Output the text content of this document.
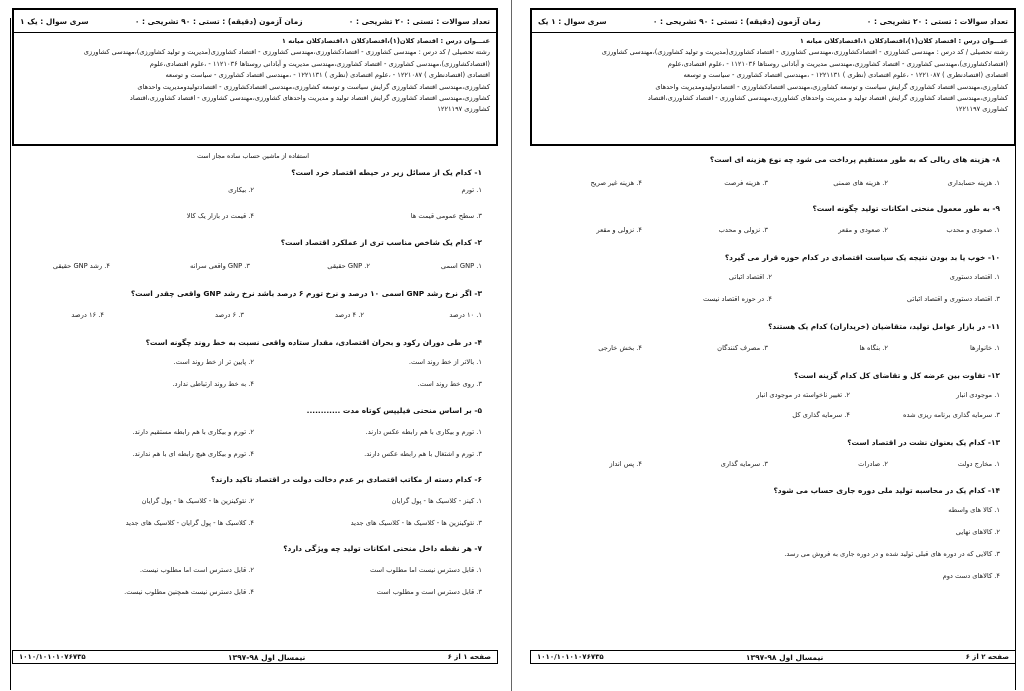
تعداد سوالات : تستی : ۲۰ تشریحی : ۰
زمان آزمون (دقیقه) : تستی : ۹۰ تشریحی : ۰
سری سوال : یک ۱
عنـــوان درس : اقتصاد کلان(۱)،اقتصادکلان ۱،اقتصادکلان میانه ۱
رشته تحصیلی / کد درس : مهندسی کشاورزی - اقتصادکشاورزی،مهندسی کشاورزی - اقتصاد کشاورزی(مدیریت و تولید کشاورزی)،مهندسی کشاورزی
(اقتصادکشاورزی)،مهندسی کشاورزی - اقتصاد کشاورزی،مهندسی مدیریت و آبادانی روستاها ۱۱۲۱۰۳۶ - ،علوم اقتصادی،علوم
اقتصادی (اقتصادنظری ) ۱۲۲۱۰۸۷ - ،علوم اقتصادی (نظری ) ۱۲۲۱۱۳۱ - ،مهندسی اقتصاد کشاورزی - سیاست و توسعه
کشاورزی،مهندسی اقتصاد کشاورزی گرایش سیاست و توسعه کشاورزی،مهندسی اقتصادکشاورزی - اقتصادتولیدومدیریت واحدهای
کشاورزی،مهندسی اقتصاد کشاورزی گرایش اقتصاد تولید و مدیریت واحدهای کشاورزی،مهندسی کشاورزی - اقتصاد کشاورزی،اقتصاد
کشاورزی ۱۲۲۱۱۹۷
استفاده از ماشین حساب ساده مجاز است
۱- کدام یک از مسائل زیر در حیطه اقتصاد خرد است؟
۱. تورم
۲. بیکاری
۳. سطح عمومی قیمت ها
۴. قیمت در بازار یک کالا
۲- کدام یک شاخص مناسب تری از عملکرد اقتصاد است؟
۱. GNP اسمی
۲. GNP حقیقی
۳. GNP واقعی سرانه
۴. رشد GNP حقیقی
۳- اگر نرخ رشد GNP اسمی ۱۰ درصد و نرخ تورم ۶ درصد باشد نرخ رشد GNP واقعی چقدر است؟
۱. ۱۰ درصد
۲. ۴ درصد
۳. ۶ درصد
۴. ۱۶ درصد
۴- در طی دوران رکود و بحران اقتصادی، مقدار ستاده واقعی نسبت به خط روند چگونه است؟
۱. بالاتر از خط روند است.
۲. پایین تر از خط روند است.
۳. روی خط روند است.
۴. به خط روند ارتباطی ندارد.
۵- بر اساس منحنی فیلیپس کوتاه مدت ............
۱. تورم و بیکاری با هم رابطه عکس دارند.
۲. تورم و بیکاری با هم رابطه مستقیم دارند.
۳. تورم و اشتغال با هم رابطه عکس دارند.
۴. تورم و بیکاری هیچ رابطه ای با هم ندارند.
۶- کدام دسته از مکاتب اقتصادی بر عدم دخالت دولت در اقتصاد تاکید دارند؟
۱. کینز - کلاسیک ها - پول گرایان
۲. نئوکینزین ها - کلاسیک ها - پول گرایان
۳. نئوکینزین ها - کلاسیک ها - کلاسیک های جدید
۴. کلاسیک ها - پول گرایان - کلاسیک های جدید
۷- هر نقطه داخل منحنی امکانات تولید چه ویژگی دارد؟
۱. قابل دسترس نیست اما مطلوب است
۲. قابل دسترس است اما مطلوب نیست.
۳. قابل دسترس است و مطلوب است
۴. قابل دسترس نیست همچنین مطلوب نیست.
صفحه ۱ از ۶
نیمسال اول ۹۸-۱۳۹۷
۱۰۱۰/۱۰۱۰۱۰۷۶۷۳۵
تعداد سوالات : تستی : ۲۰ تشریحی : ۰
زمان آزمون (دقیقه) : تستی : ۹۰ تشریحی : ۰
سری سوال : ۱ یک
عنـــوان درس : اقتصاد کلان(۱)،اقتصادکلان ۱،اقتصادکلان میانه ۱
رشته تحصیلی / کد درس : مهندسی کشاورزی - اقتصادکشاورزی،مهندسی کشاورزی - اقتصاد کشاورزی(مدیریت و تولید کشاورزی)،مهندسی کشاورزی
(اقتصادکشاورزی)،مهندسی کشاورزی - اقتصاد کشاورزی،مهندسی مدیریت و آبادانی روستاها ۱۱۲۱۰۳۶ - ،علوم اقتصادی،علوم
اقتصادی (اقتصادنظری ) ۱۲۲۱۰۸۷ - ،علوم اقتصادی (نظری ) ۱۲۲۱۱۳۱ - ،مهندسی اقتصاد کشاورزی - سیاست و توسعه
کشاورزی،مهندسی اقتصاد کشاورزی گرایش سیاست و توسعه کشاورزی،مهندسی اقتصادکشاورزی - اقتصادتولیدومدیریت واحدهای
کشاورزی،مهندسی اقتصاد کشاورزی گرایش اقتصاد تولید و مدیریت واحدهای کشاورزی،مهندسی کشاورزی - اقتصاد کشاورزی،اقتصاد
کشاورزی ۱۲۲۱۱۹۷
۸- هزینه های ریالی که به طور مستقیم پرداخت می شود چه نوع هزینه ای است؟
۱. هزینه حسابداری
۲. هزینه های ضمنی
۳. هزینه فرصت
۴. هزینه غیر صریح
۹- به طور معمول منحنی امکانات تولید چگونه است؟
۱. صعودی و محدب
۲. صعودی و مقعر
۳. نزولی و محدب
۴. نزولی و مقعر
۱۰- خوب یا بد بودن نتیجه یک سیاست اقتصادی در کدام حوزه قرار می گیرد؟
۱. اقتصاد دستوری
۲. اقتصاد اثباتی
۳. اقتصاد دستوری و اقتصاد اثباتی
۴. در حوزه اقتصاد نیست
۱۱- در بازار عوامل تولید، متقاضیان (خریداران) کدام یک هستند؟
۱. خانوارها
۲. بنگاه ها
۳. مصرف کنندگان
۴. بخش خارجی
۱۲- تفاوت بین عرضه کل و تقاضای کل کدام گزینه است؟
۱. موجودی انبار
۲. تغییر ناخواسته در موجودی انبار
۳. سرمایه گذاری برنامه ریزی شده
۴. سرمایه گذاری کل
۱۳- کدام یک بعنوان نشت در اقتصاد است؟
۱. مخارج دولت
۲. صادرات
۳. سرمایه گذاری
۴. پس انداز
۱۴- کدام یک در محاسبه تولید ملی دوره جاری حساب می شود؟
۱. کالا های واسطه
۲. کالاهای نهایی
۳. کالایی که در دوره های قبلی تولید شده و در دوره جاری به فروش می رسد.
۴. کالاهای دست دوم
صفحه ۲ از ۶
نیمسال اول ۹۸-۱۳۹۷
۱۰۱۰/۱۰۱۰۱۰۷۶۷۳۵
